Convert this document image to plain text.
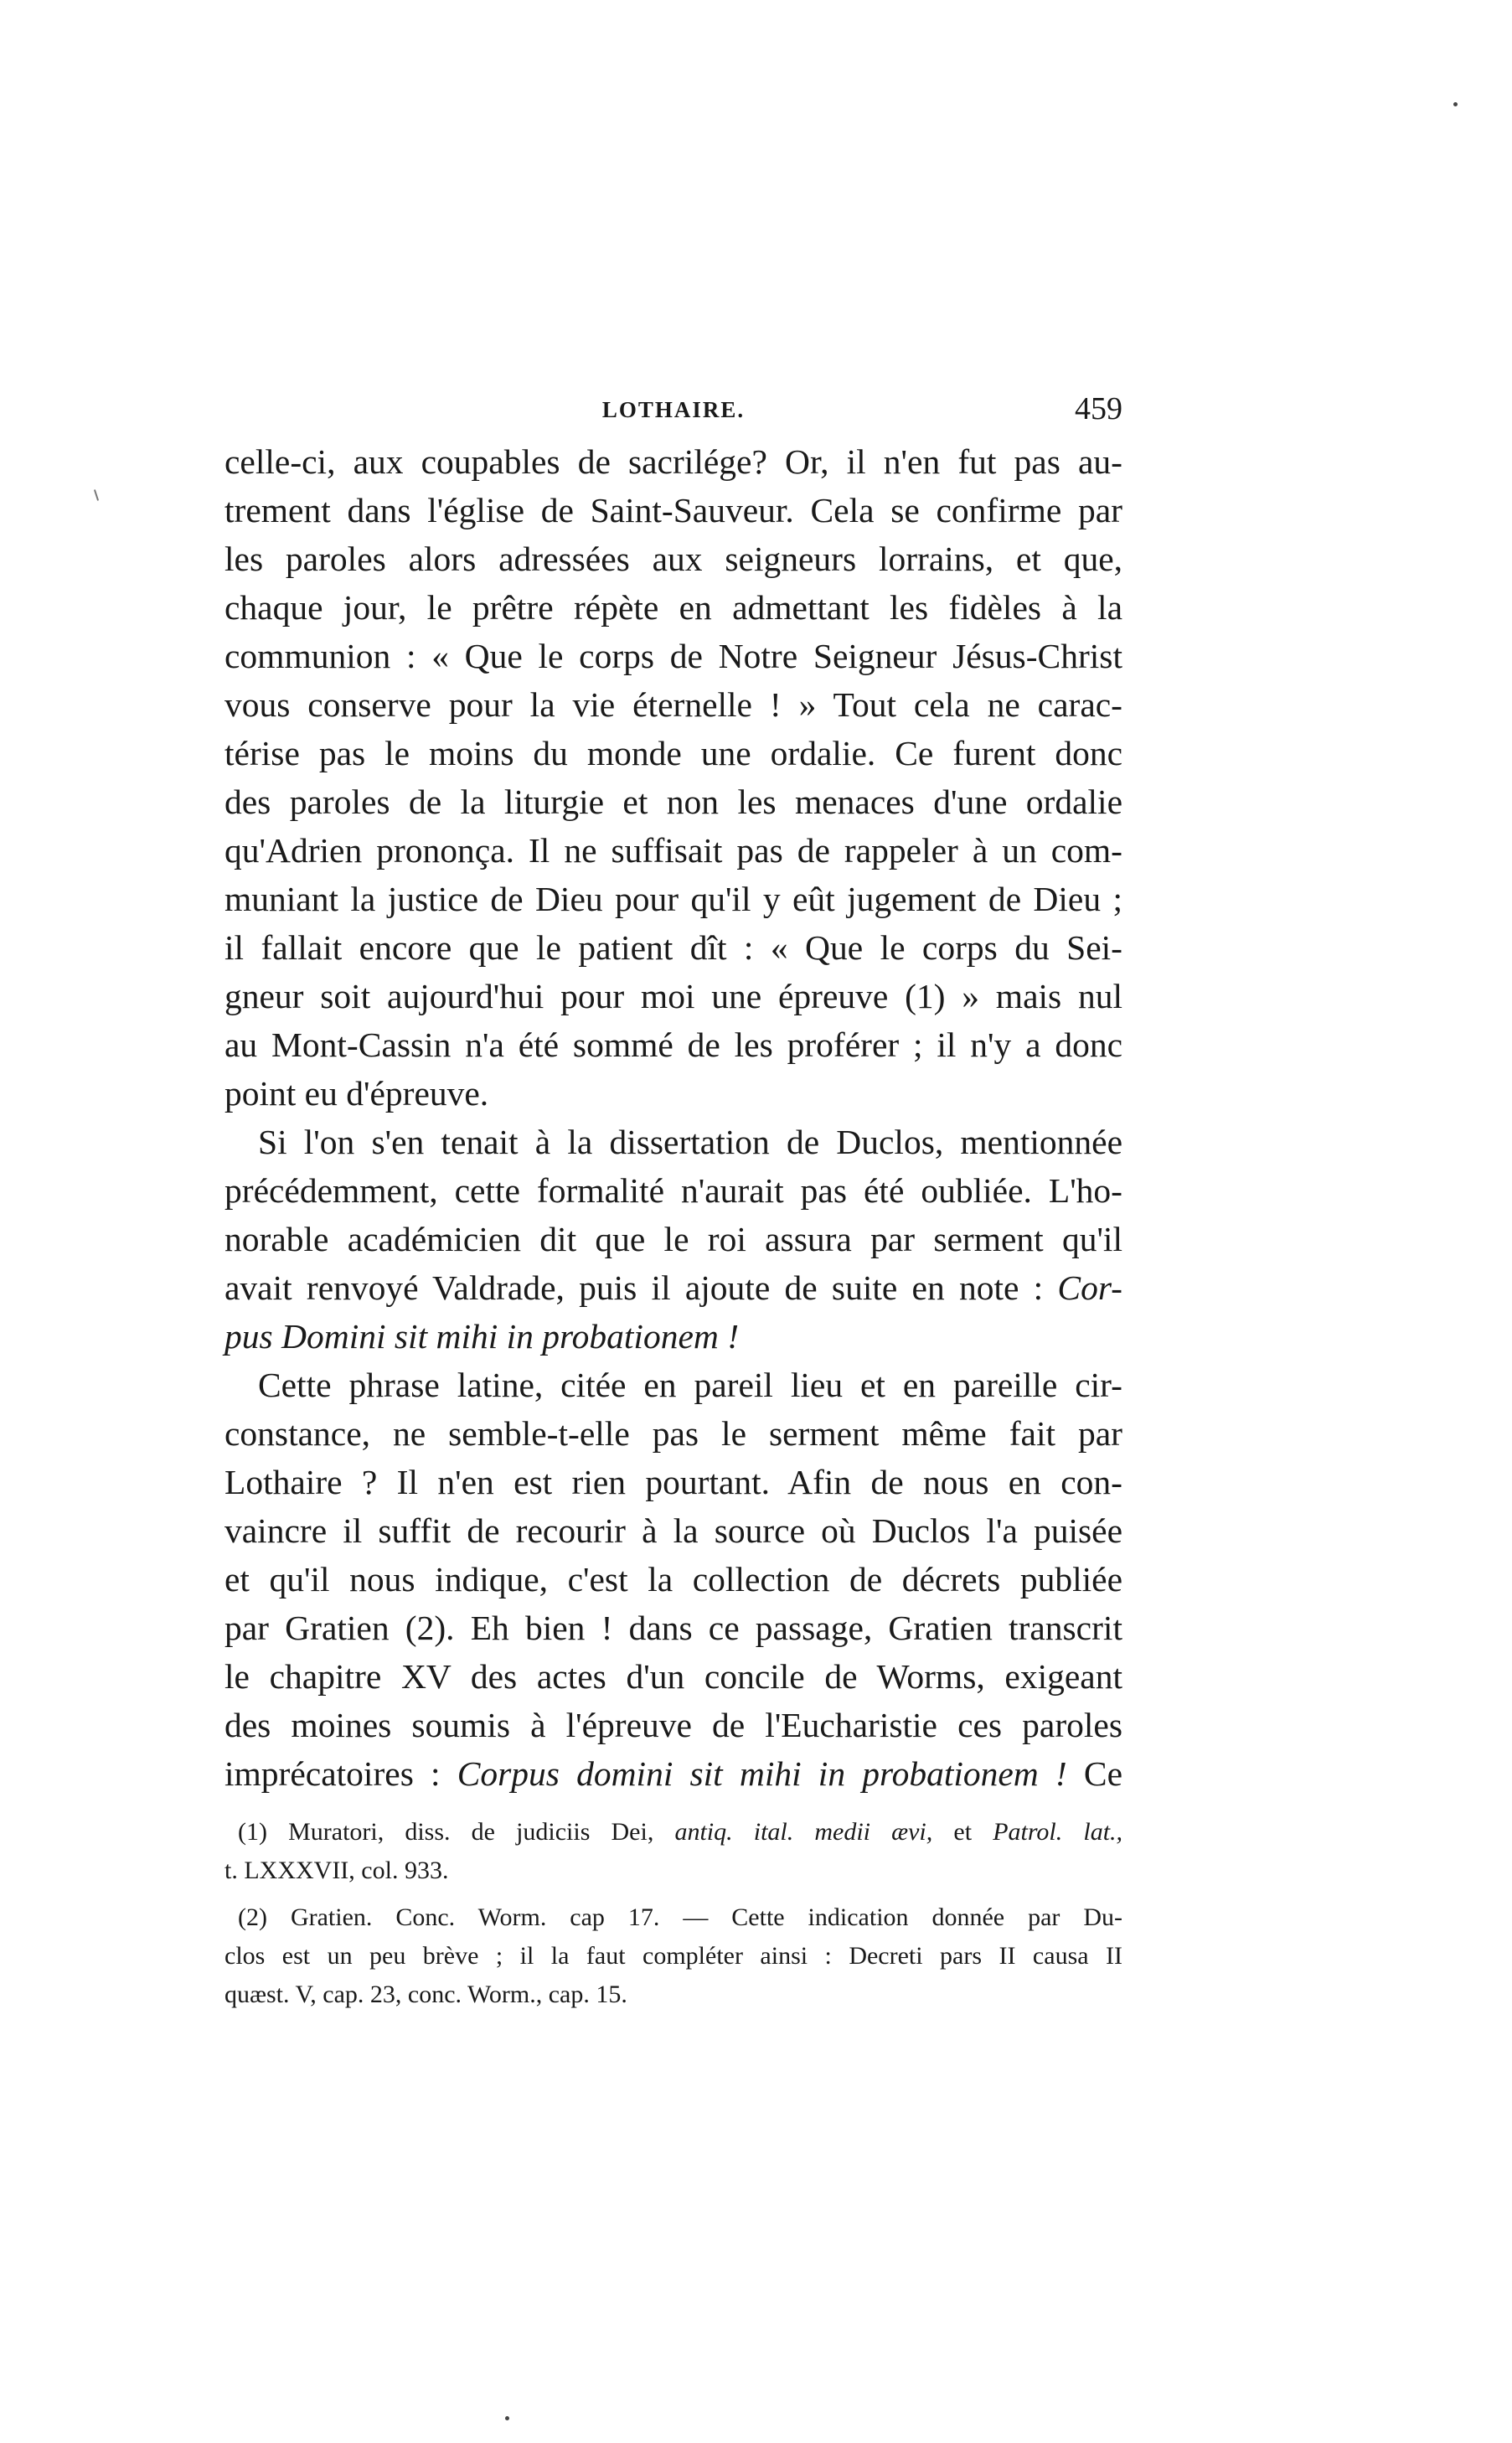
LOTHAIRE.	459
celle-ci, aux coupables de sacrilége? Or, il n'en fut pas au-
trement dans l'église de Saint-Sauveur. Cela se confirme par
les paroles alors adressées aux seigneurs lorrains, et que,
chaque jour, le prêtre répète en admettant les fidèles à la
communion : « Que le corps de Notre Seigneur Jésus-Christ
vous conserve pour la vie éternelle ! » Tout cela ne carac-
térise pas le moins du monde une ordalie. Ce furent donc
des paroles de la liturgie et non les menaces d'une ordalie
qu'Adrien prononça. Il ne suffisait pas de rappeler à un com-
muniant la justice de Dieu pour qu'il y eût jugement de Dieu ;
il fallait encore que le patient dît : « Que le corps du Sei-
gneur soit aujourd'hui pour moi une épreuve (1) » mais nul
au Mont-Cassin n'a été sommé de les proférer ; il n'y a donc
point eu d'épreuve.
Si l'on s'en tenait à la dissertation de Duclos, mentionnée
précédemment, cette formalité n'aurait pas été oubliée. L'ho-
norable académicien dit que le roi assura par serment qu'il
avait renvoyé Valdrade, puis il ajoute de suite en note : Cor-
pus Domini sit mihi in probationem !
Cette phrase latine, citée en pareil lieu et en pareille cir-
constance, ne semble-t-elle pas le serment même fait par
Lothaire ? Il n'en est rien pourtant. Afin de nous en con-
vaincre il suffit de recourir à la source où Duclos l'a puisée
et qu'il nous indique, c'est la collection de décrets publiée
par Gratien (2). Eh bien ! dans ce passage, Gratien transcrit
le chapitre XV des actes d'un concile de Worms, exigeant
des moines soumis à l'épreuve de l'Eucharistie ces paroles
imprécatoires : Corpus domini sit mihi in probationem ! Ce
(1) Muratori, diss. de judiciis Dei, antiq. ital. medii ævi, et Patrol. lat.,
t. LXXXVII, col. 933.
(2) Gratien. Conc. Worm. cap 17. — Cette indication donnée par Du-
clos est un peu brève ; il la faut compléter ainsi : Decreti pars II causa II
quæst. V, cap. 23, conc. Worm., cap. 15.
